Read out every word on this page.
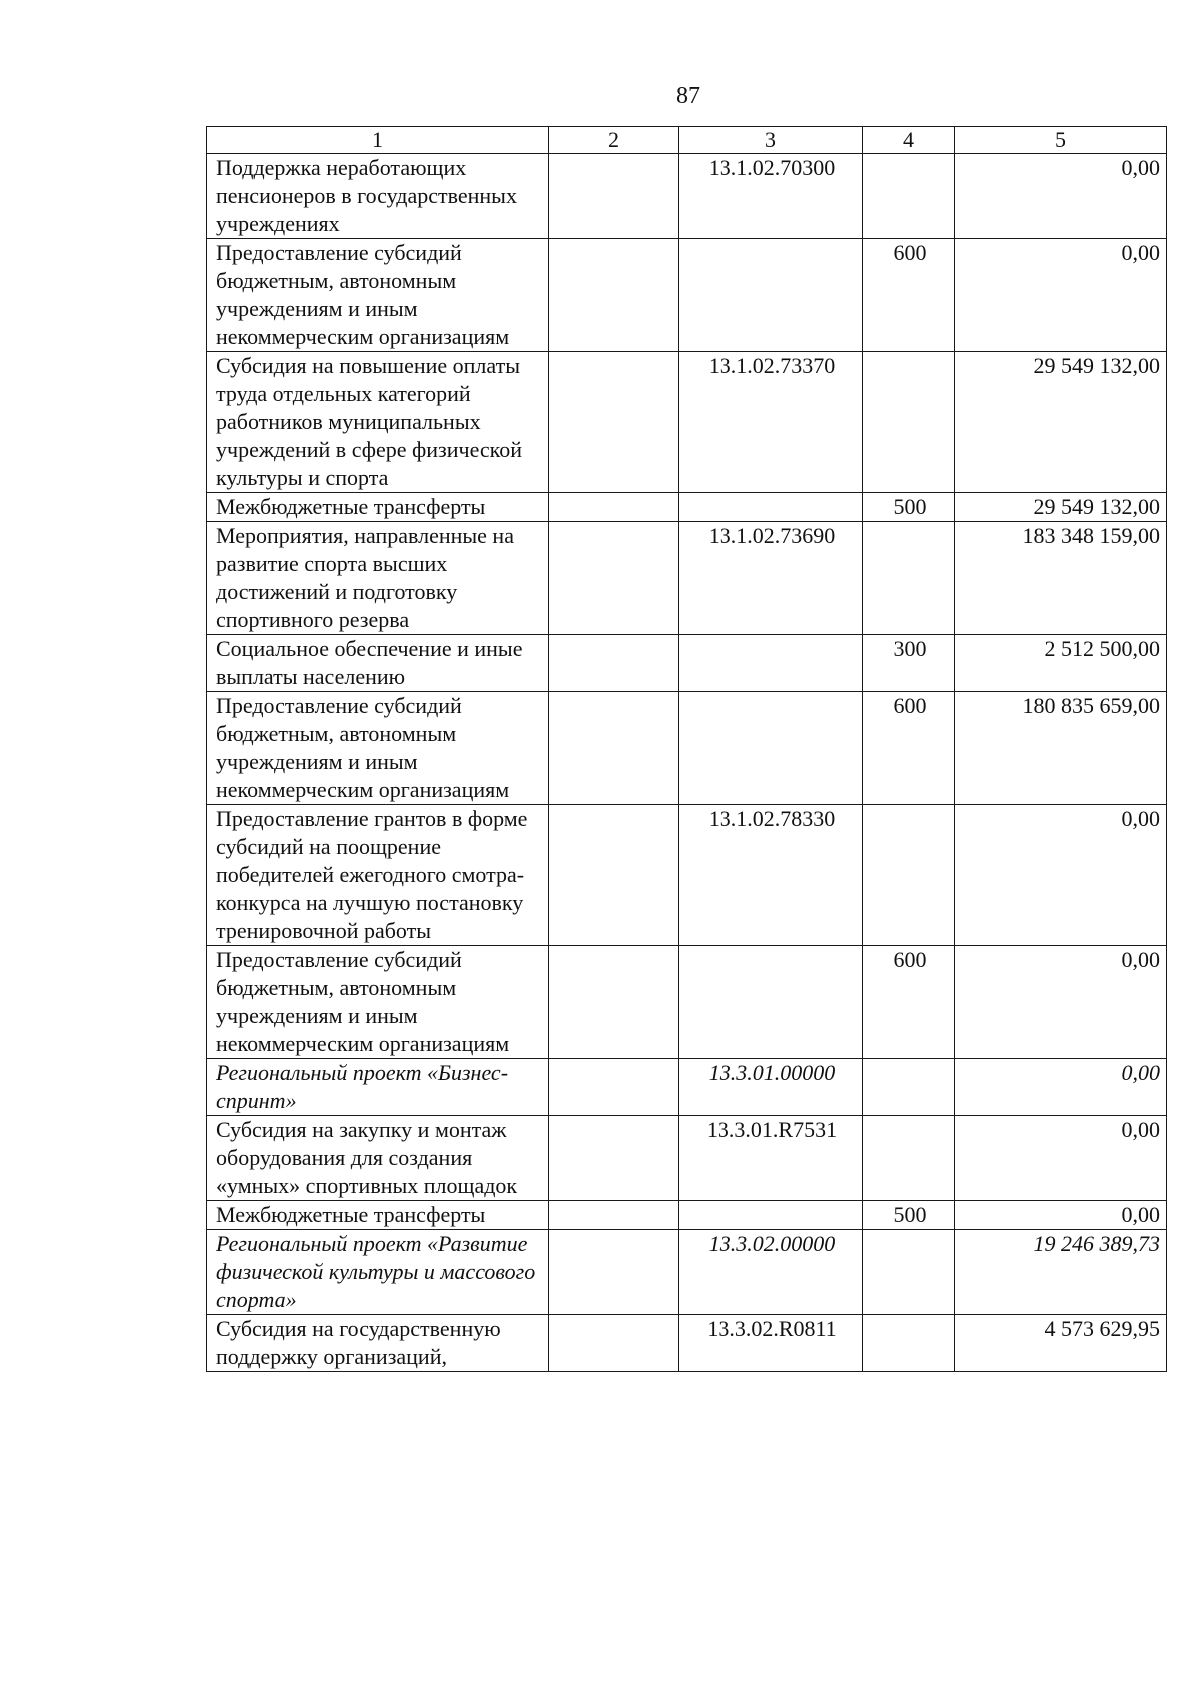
87
1	2	3	4	5
Поддержка неработающих пенсионеров в государственных учреждениях		13.1.02.70300		0,00
Предоставление субсидий бюджетным, автономным учреждениям и иным некоммерческим организациям			600	0,00
Субсидия на повышение оплаты труда отдельных категорий работников муниципальных учреждений в сфере физической культуры и спорта		13.1.02.73370		29 549 132,00
Межбюджетные трансферты			500	29 549 132,00
Мероприятия, направленные на развитие спорта высших достижений и подготовку спортивного резерва		13.1.02.73690		183 348 159,00
Социальное обеспечение и иные выплаты населению			300	2 512 500,00
Предоставление субсидий бюджетным, автономным учреждениям и иным некоммерческим организациям			600	180 835 659,00
Предоставление грантов в форме субсидий на поощрение победителей ежегодного смотра-конкурса на лучшую постановку тренировочной работы		13.1.02.78330		0,00
Предоставление субсидий бюджетным, автономным учреждениям и иным некоммерческим организациям			600	0,00
Региональный проект «Бизнес-спринт»		13.3.01.00000		0,00
Субсидия на закупку и монтаж оборудования для создания «умных» спортивных площадок		13.3.01.R7531		0,00
Межбюджетные трансферты			500	0,00
Региональный проект «Развитие физической культуры и массового спорта»		13.3.02.00000		19 246 389,73
Субсидия на государственную поддержку организаций,		13.3.02.R0811		4 573 629,95
